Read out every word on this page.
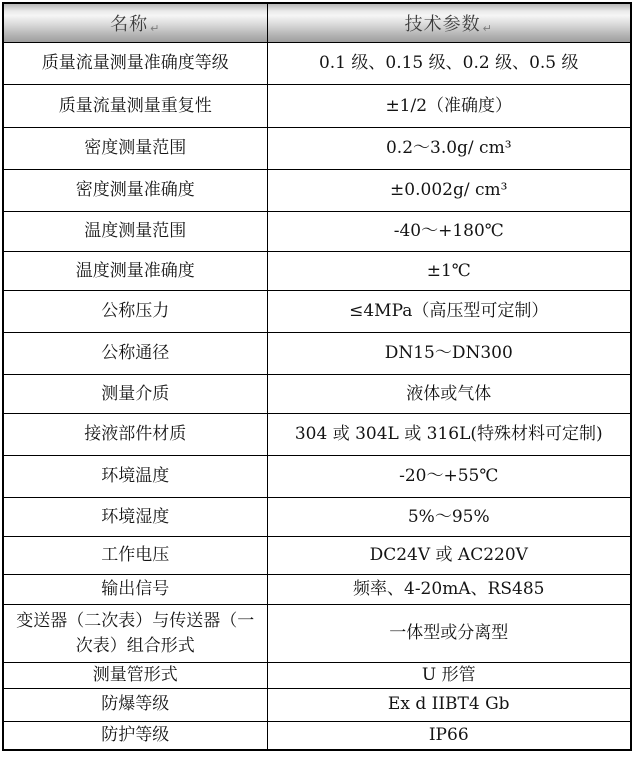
名称 ↵	技术参数 ↵
质量流量测量准确度等级	0.1 级、0.15 级、0.2 级、0.5 级
质量流量测量重复性	±1/2（准确度）
密度测量范围	0.2～3.0g/ cm³
密度测量准确度	±0.002g/ cm³
温度测量范围	-40～+180℃
温度测量准确度	±1℃
公称压力	≤4MPa（高压型可定制）
公称通径	DN15～DN300
测量介质	液体或气体
接液部件材质	304 或 304L 或 316L(特殊材料可定制)
环境温度	-20～+55℃
环境湿度	5%～95%
工作电压	DC24V 或 AC220V
输出信号	频率、4-20mA、RS485
变送器（二次表）与传送器（一次表）组合形式	一体型或分离型
测量管形式	U 形管
防爆等级	Ex d IIBT4 Gb
防护等级	IP66
